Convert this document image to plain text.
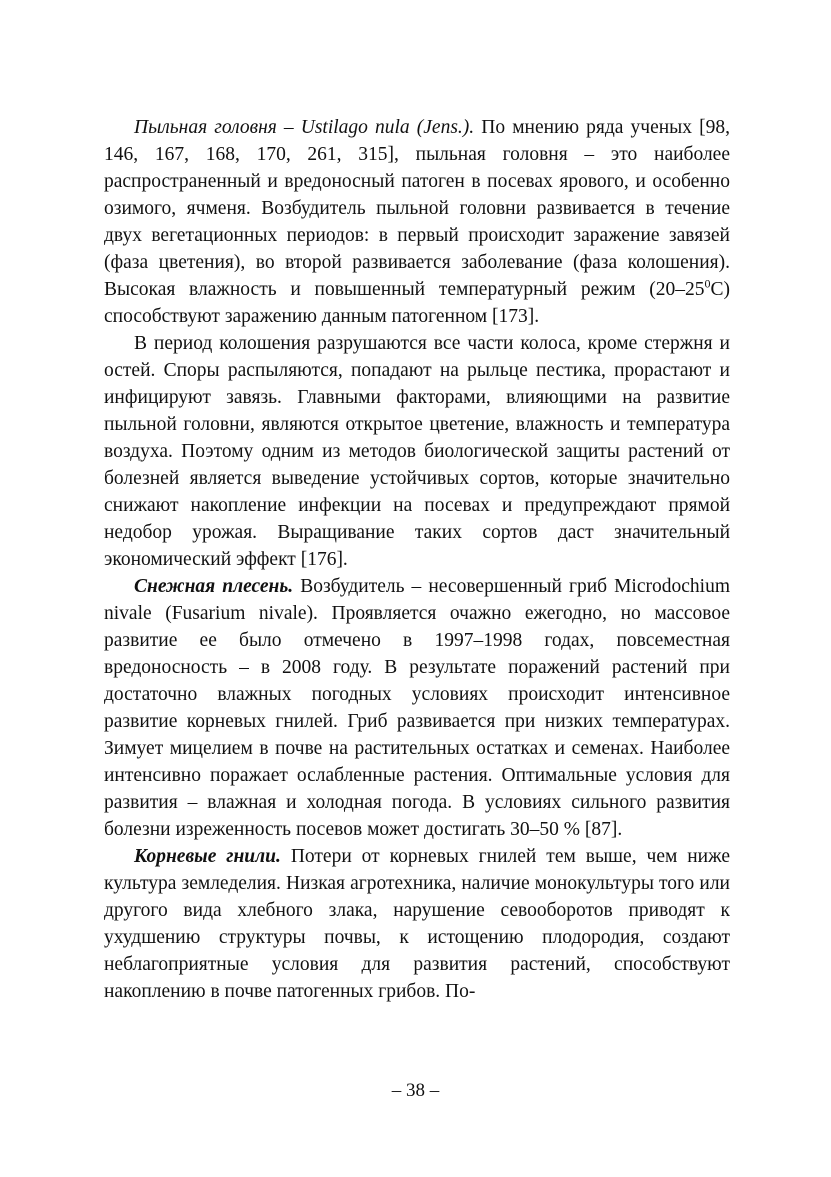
Пыльная головня – Ustilago nula (Jens.). По мнению ряда ученых [98, 146, 167, 168, 170, 261, 315], пыльная головня – это наиболее распространенный и вредоносный патоген в посевах ярового, и особенно озимого, ячменя. Возбудитель пыльной головни развивается в течение двух вегетационных периодов: в первый происходит заражение завязей (фаза цветения), во второй развивается заболевание (фаза колошения). Высокая влажность и повышенный температурный режим $(20-25^0С)$ способствуют заражению данным патогенном [173].

В период колошения разрушаются все части колоса, кроме стержня и остей. Споры распыляются, попадают на рыльце пестика, прорастают и инфицируют завязь. Главными факторами, влияющими на развитие пыльной головни, являются открытое цветение, влажность и температура воздуха. Поэтому одним из методов биологической защиты растений от болезней является выведение устойчивых сортов, которые значительно снижают накопление инфекции на посевах и предупреждают прямой недобор урожая. Выращивание таких сортов даст значительный экономический эффект [176].

Снежная плесень. Возбудитель – несовершенный гриб Microdochium nivale (Fusarium nivale). Проявляется очажно ежегодно, но массовое развитие ее было отмечено в 1997–1998 годах, повсеместная вредоносность – в 2008 году. В результате поражений растений при достаточно влажных погодных условиях происходит интенсивное развитие корневых гнилей. Гриб развивается при низких температурах. Зимует мицелием в почве на растительных остатках и семенах. Наиболее интенсивно поражает ослабленные растения. Оптимальные условия для развития – влажная и холодная погода. В условиях сильного развития болезни изреженность посевов может достигать 30–50 % [87].

Корневые гнили. Потери от корневых гнилей тем выше, чем ниже культура земледелия. Низкая агротехника, наличие монокультуры того или другого вида хлебного злака, нарушение севооборотов приводят к ухудшению структуры почвы, к истощению плодородия, создают неблагоприятные условия для развития растений, способствуют накоплению в почве патогенных грибов. По-

– 38 –
